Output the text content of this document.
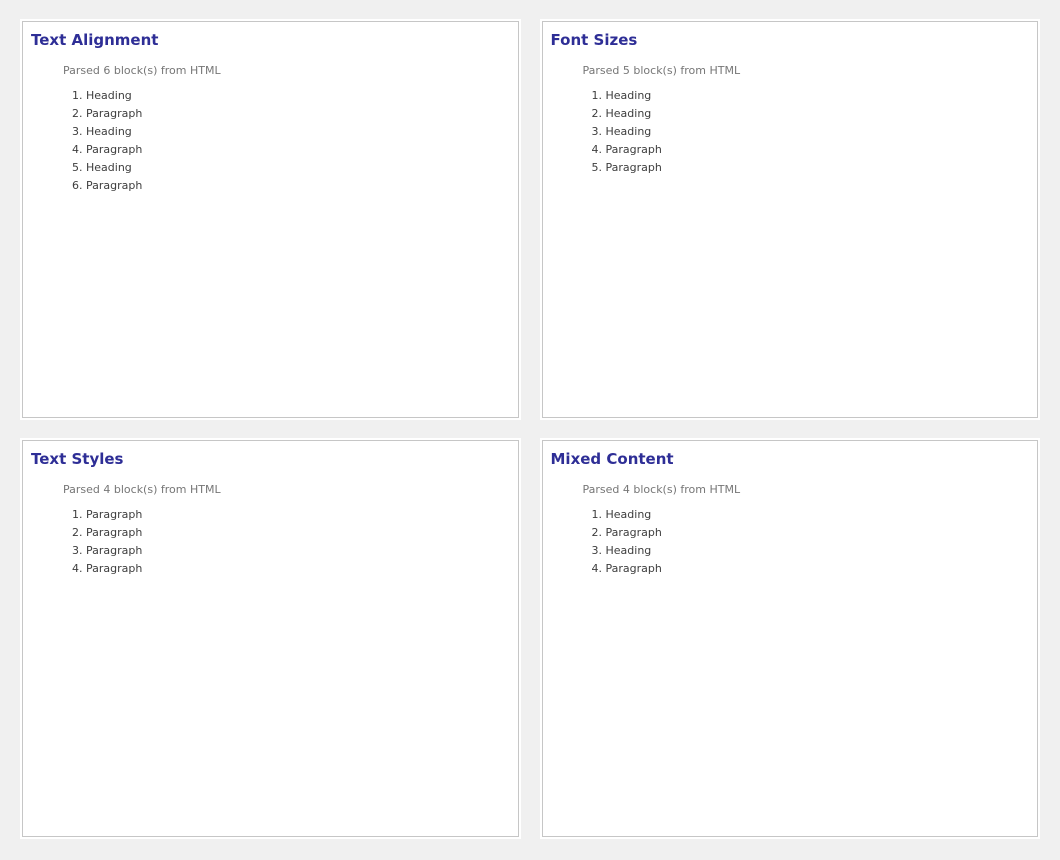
Text Alignment
Parsed 6 block(s) from HTML
1. Heading
2. Paragraph
3. Heading
4. Paragraph
5. Heading
6. Paragraph
Font Sizes
Parsed 5 block(s) from HTML
1. Heading
2. Heading
3. Heading
4. Paragraph
5. Paragraph
Text Styles
Parsed 4 block(s) from HTML
1. Paragraph
2. Paragraph
3. Paragraph
4. Paragraph
Mixed Content
Parsed 4 block(s) from HTML
1. Heading
2. Paragraph
3. Heading
4. Paragraph
